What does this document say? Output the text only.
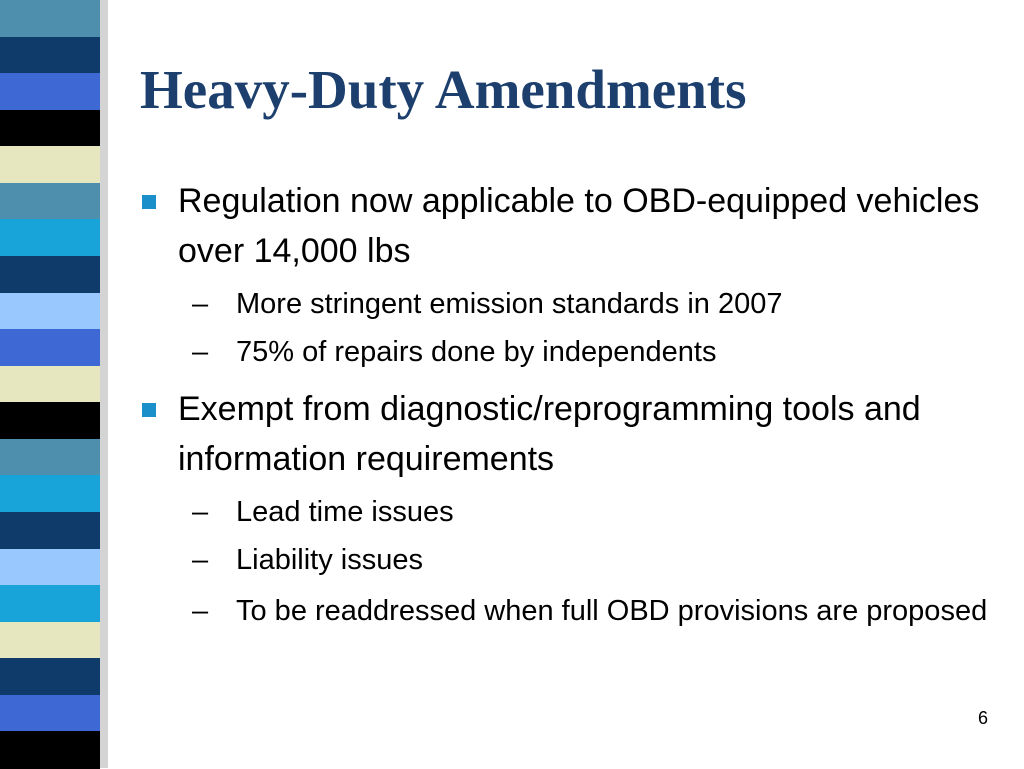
Heavy-Duty Amendments
Regulation now applicable to OBD-equipped vehicles over 14,000 lbs
– More stringent emission standards in 2007
– 75% of repairs done by independents
Exempt from diagnostic/reprogramming tools and information requirements
– Lead time issues
– Liability issues
– To be readdressed when full OBD provisions are proposed
6
